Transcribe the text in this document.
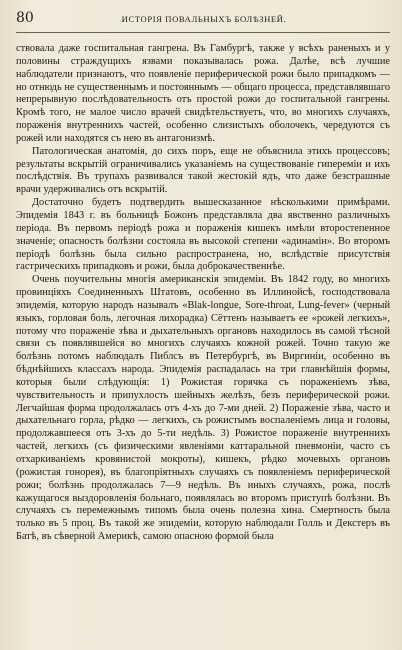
80	ИСТОРІЯ ПОВАЛЬНЫХЪ БОЛѢЗНЕЙ.

ствовала даже госпитальная гангрена. Въ Гамбургѣ, также у всѣхъ раненыхъ и у половины страждущихъ язвами показывалась рожа. Далѣе, всѣ лучшие наблюдатели признаютъ, что появленіе периферической рожи было припадкомъ — но отнюдь не существеннымъ и постояннымъ — общаго процесса, представлявшаго непрерывную послѣдовательность отъ простой рожи до госпитальной гангрены. Кромѣ того, не малое число врачей свидѣтельствуетъ, что, во многихъ случаяхъ, пораженія внутреннихъ частей, особенно слизистыхъ оболочекъ, чередуются съ рожей или находятся съ нею въ антагонизмѣ.

Патологическая анатомія, до сихъ поръ, еще не объяснила этихъ процессовъ; результаты вскрытій ограничивались указаніемъ на существованіе гипереміи и ихъ послѣдствія. Въ трупахъ развивался такой жестокій ядъ, что даже безстрашные врачи удерживались отъ вскрытій.

Достаточно будетъ подтвердить вышесказанное нѣсколькими примѣрами. Эпидемія 1843 г. въ больницѣ Божонъ представляла два явственно различныхъ періода. Въ первомъ періодѣ рожа и пораженія кишекъ имѣли второстепенное значеніе; опасность болѣзни состояла въ высокой степени «адинамін». Во второмъ періодѣ болѣзнь была сильно распространена, но, вслѣдствіе присутствія гастрическихъ припадковъ и рожи, была доброкачественнѣе.

Очень поучительны многія американскія эпидеміи. Въ 1842 году, во многихъ провинціяхъ Соединенныхъ Штатовъ, особенно въ Иллинойсѣ, господствовала эпидемія, которую народъ называлъ «Blak-longue, Sore-throat, Lung-fever» (черный языкъ, горловая боль, легочная лихорадка) Сёттенъ называетъ ее «рожей легкихъ», потому что пораженіе зѣва и дыхательныхъ органовъ находилось въ самой тѣсной связи съ появлявшейся во многихъ случаяхъ кожной рожей. Точно такую же болѣзнь потомъ наблюдалъ Пиблсъ въ Петербургѣ, въ Виргиніи, особенно въ бѣднѣйшихъ классахъ народа. Эпидемія распадалась на три главнѣйшія формы, которыя были слѣдующія: 1) Рожистая горячка съ пораженіемъ зѣва, чувствительность и припухлость шейныхъ желѣзъ, безъ периферической рожи. Легчайшая форма продолжалась отъ 4-хъ до 7-ми дней. 2) Пораженіе зѣва, часто и дыхательнаго горла, рѣдко — легкихъ, съ рожистымъ воспаленіемъ лица и головы, продолжавшееся отъ 3-хъ до 5-ти недѣль. 3) Рожистое пораженіе внутреннихъ частей, легкихъ (съ физическими явленіями каттаральной пневмоніи, часто съ отхаркиваніемъ кровянистой мокроты), кишекъ, рѣдко мочевыхъ органовъ (рожистая гонорея), въ благопріятныхъ случаяхъ съ появленіемъ периферической рожи; болѣзнь продолжалась 7—9 недѣль. Въ иныхъ случаяхъ, рожа, послѣ кажущагося выздоровленія больнаго, появлялась во второмъ приступѣ болѣзни. Въ случаяхъ съ перемежнымъ типомъ была очень полезна хина. Смертность была только въ 5 проц. Въ такой же эпидеміи, которую наблюдали Голль и Декстеръ въ Батѣ, въ сѣверной Америкѣ, самою опасною формой была
